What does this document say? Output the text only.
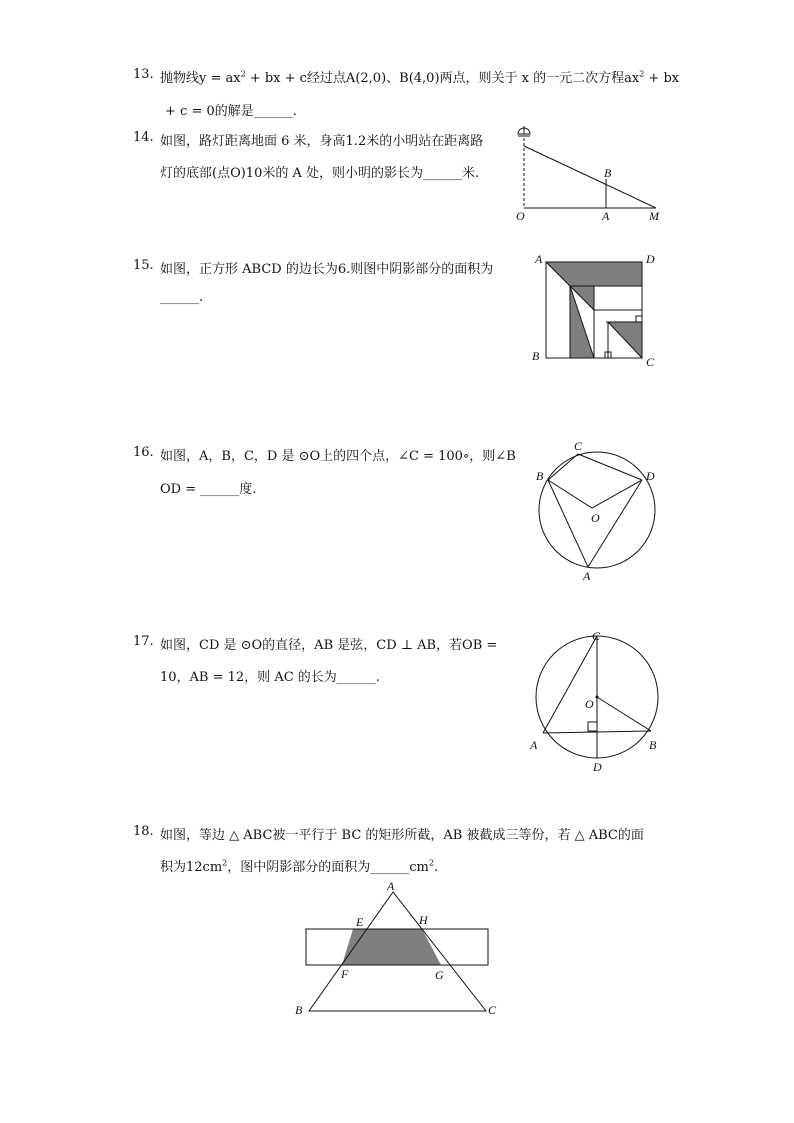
13. 抛物线$y = ax^2$ + bx + c经过点A(2,0)、B(4,0)两点，则关于 x 的一元二次方程$ax^2$ + bx
+ c = 0的解是______.
14. 如图，路灯距离地面 6 米，身高1.2米的小明站在距离路
灯的底部(点O)10米的 A 处，则小明的影长为______米.
O	A	M
B
15. 如图，正方形 ABCD 的边长为6.则图中阴影部分的面积为
______.
A	D
B	C
16. 如图，A，B，C，D 是 ⊙O上的四个点，∠C = 100∘，则∠B
OD = ______度.
C
B	D
O
A
17. 如图，CD 是 ⊙O的直径，AB 是弦，CD ⊥ AB，若OB =
10，AB = 12，则 AC 的长为______.
C
O
A	B
D
18. 如图，等边 △ ABC被一平行于 BC 的矩形所截，AB 被截成三等份，若 △ ABC的面
积为$12cm^2$，图中阴影部分的面积为$\_\_\_\_\_\_cm^2$.
A
E	H
F	G
B	C
